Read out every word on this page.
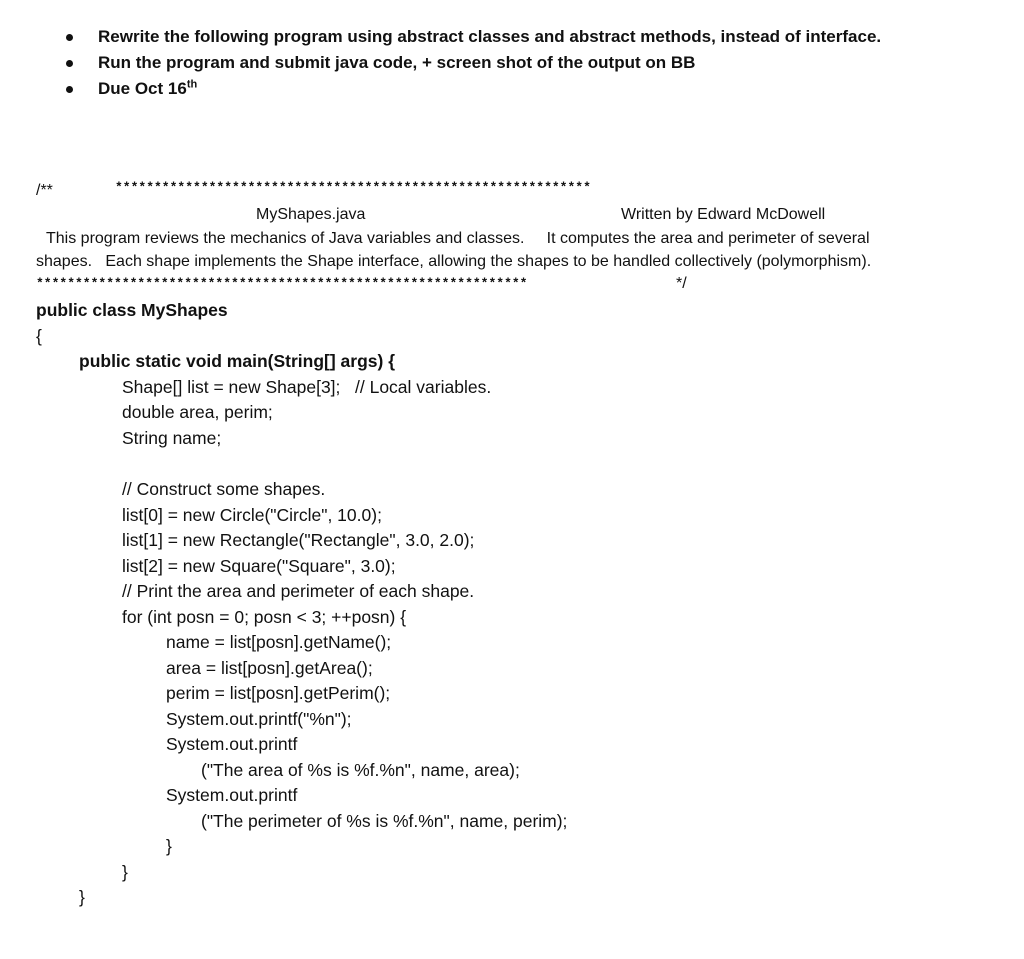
Rewrite the following program using abstract classes and abstract methods, instead of interface.
Run the program and submit java code, + screen shot of the output on BB
Due Oct 16th
/**	*************************************************************
MyShapes.java	Written by Edward McDowell
This program reviews the mechanics of Java variables and classes.     It computes the area and perimeter of several
shapes.   Each shape implements the Shape interface, allowing the shapes to be handled collectively (polymorphism).
***************************************************************	*/
public class MyShapes
{
public static void main(String[] args) {
Shape[] list = new Shape[3];   // Local variables.
double area, perim;
String name;
// Construct some shapes.
list[0] = new Circle("Circle", 10.0);
list[1] = new Rectangle("Rectangle", 3.0, 2.0);
list[2] = new Square("Square", 3.0);
// Print the area and perimeter of each shape.
for (int posn = 0; posn < 3; ++posn) {
name = list[posn].getName();
area = list[posn].getArea();
perim = list[posn].getPerim();
System.out.printf("%n");
System.out.printf
("The area of %s is %f.%n", name, area);
System.out.printf
("The perimeter of %s is %f.%n", name, perim);
}
}
}
